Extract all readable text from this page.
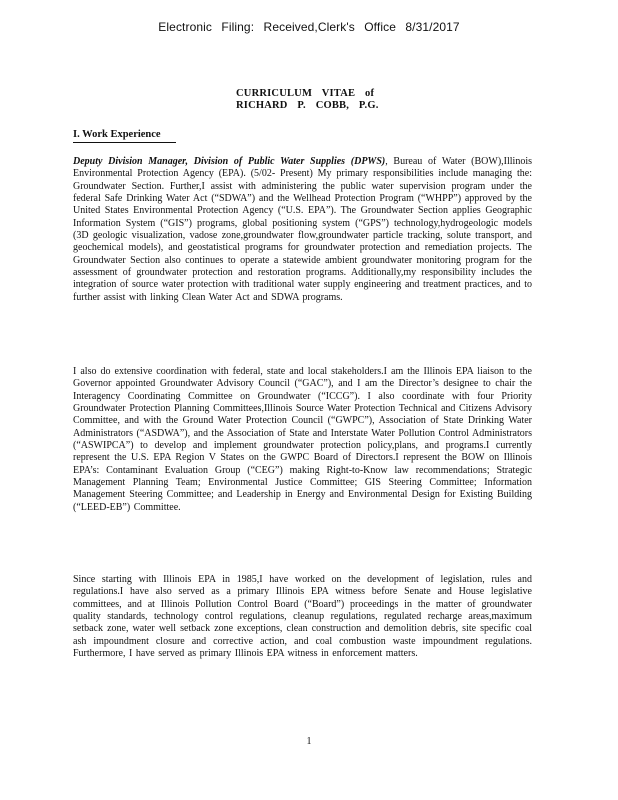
Electronic Filing: Received,Clerk's Office 8/31/2017
CURRICULUM VITAE of
RICHARD P. COBB, P.G.
I. Work Experience
Deputy Division Manager, Division of Public Water Supplies (DPWS), Bureau of Water (BOW),Illinois Environmental Protection Agency (EPA). (5/02- Present) My primary responsibilities include managing the: Groundwater Section. Further,I assist with administering the public water supervision program under the federal Safe Drinking Water Act (“SDWA”) and the Wellhead Protection Program (“WHPP”) approved by the United States Environmental Protection Agency (“U.S. EPA”). The Groundwater Section applies Geographic Information System (“GIS”) programs, global positioning system (“GPS”) technology,hydrogeologic models (3D geologic visualization, vadose zone,groundwater flow,groundwater particle tracking, solute transport, and geochemical models), and geostatistical programs for groundwater protection and remediation projects. The Groundwater Section also continues to operate a statewide ambient groundwater monitoring program for the assessment of groundwater protection and restoration programs. Additionally,my responsibility includes the integration of source water protection with traditional water supply engineering and treatment practices, and to further assist with linking Clean Water Act and SDWA programs.
I also do extensive coordination with federal, state and local stakeholders.I am the Illinois EPA liaison to the Governor appointed Groundwater Advisory Council (“GAC”), and I am the Director’s designee to chair the Interagency Coordinating Committee on Groundwater (“ICCG”). I also coordinate with four Priority Groundwater Protection Planning Committees,Illinois Source Water Protection Technical and Citizens Advisory Committee, and with the Ground Water Protection Council (“GWPC”), Association of State Drinking Water Administrators (“ASDWA”), and the Association of State and Interstate Water Pollution Control Administrators (“ASWIPCA”) to develop and implement groundwater protection policy,plans, and programs.I currently represent the U.S. EPA Region V States on the GWPC Board of Directors.I represent the BOW on Illinois EPA’s: Contaminant Evaluation Group (“CEG”) making Right-to-Know law recommendations; Strategic Management Planning Team; Environmental Justice Committee; GIS Steering Committee; Information Management Steering Committee; and Leadership in Energy and Environmental Design for Existing Building (“LEED-EB”) Committee.
Since starting with Illinois EPA in 1985,I have worked on the development of legislation, rules and regulations.I have also served as a primary Illinois EPA witness before Senate and House legislative committees, and at Illinois Pollution Control Board (“Board”) proceedings in the matter of groundwater quality standards, technology control regulations, cleanup regulations, regulated recharge areas,maximum setback zone, water well setback zone exceptions, clean construction and demolition debris, site specific coal ash impoundment closure and corrective action, and coal combustion waste impoundment regulations. Furthermore, I have served as primary Illinois EPA witness in enforcement matters.
1
